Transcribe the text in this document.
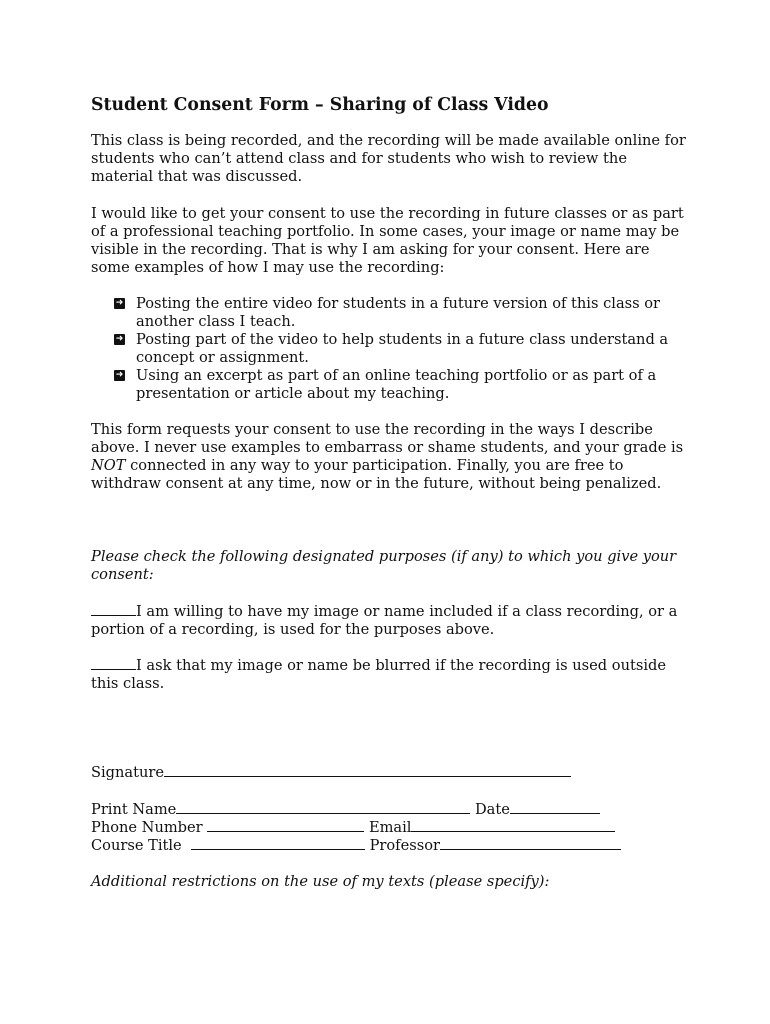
Student Consent Form – Sharing of Class Video

This class is being recorded, and the recording will be made available online for students who can’t attend class and for students who wish to review the material that was discussed.

I would like to get your consent to use the recording in future classes or as part of a professional teaching portfolio. In some cases, your image or name may be visible in the recording. That is why I am asking for your consent. Here are some examples of how I may use the recording:

➜ Posting the entire video for students in a future version of this class or another class I teach.
➜ Posting part of the video to help students in a future class understand a concept or assignment.
➜ Using an excerpt as part of an online teaching portfolio or as part of a presentation or article about my teaching.

This form requests your consent to use the recording in the ways I describe above. I never use examples to embarrass or shame students, and your grade is NOT connected in any way to your participation. Finally, you are free to withdraw consent at any time, now or in the future, without being penalized.

Please check the following designated purposes (if any) to which you give your consent:

I am willing to have my image or name included if a class recording, or a portion of a recording, is used for the purposes above.

I ask that my image or name be blurred if the recording is used outside this class.

Signature
Print Name	Date
Phone Number	Email
Course Title	Professor

Additional restrictions on the use of my texts (please specify):
